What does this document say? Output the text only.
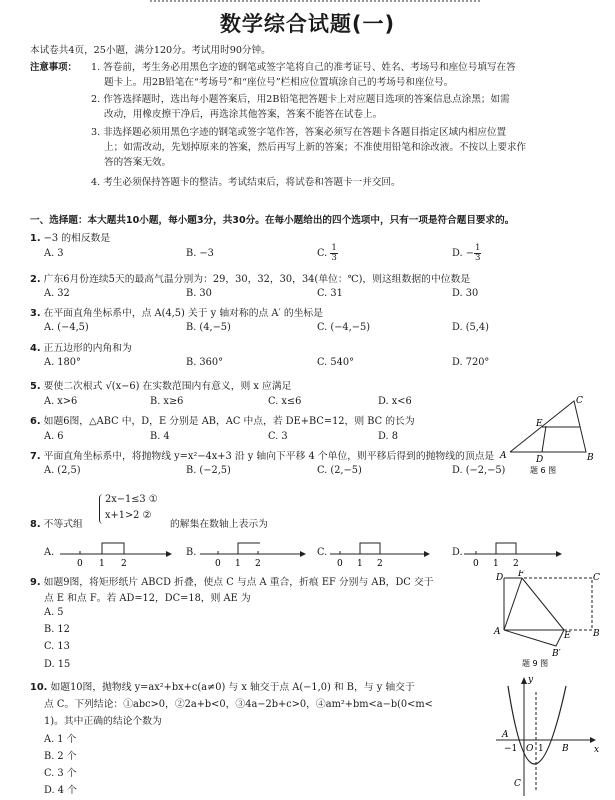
数学综合试题(一)
本试卷共4页，25小题，满分120分。考试用时90分钟。
注意事项： 1. 答卷前，考生务必用黑色字迹的钢笔或签字笔将自己的准考证号、姓名、考场号和座位号填写在答
题卡上。用2B铅笔在“考场号”和“座位号”栏相应位置填涂自己的考场号和座位号。
2. 作答选择题时，选出每小题答案后，用2B铅笔把答题卡上对应题目选项的答案信息点涂黑；如需
改动，用橡皮擦干净后，再选涂其他答案，答案不能答在试卷上。
3. 非选择题必须用黑色字迹的钢笔或签字笔作答，答案必须写在答题卡各题目指定区域内相应位置
上；如需改动，先划掉原来的答案，然后再写上新的答案；不准使用铅笔和涂改液。不按以上要求作
答的答案无效。
4. 考生必须保持答题卡的整洁。考试结束后，将试卷和答题卡一并交回。
一、选择题：本大题共10小题，每小题3分，共30分。在每小题给出的四个选项中，只有一项是符合题目要求的。
1. −3 的相反数是
A. 3	B. −3	C. $\frac{1}{3}$	D. − $\frac{1}{3}$
2. 广东6月份连续5天的最高气温分别为：29，30，32，30，34(单位：℃)，则这组数据的中位数是
A. 32	B. 30	C. 31	D. 30
3. 在平面直角坐标系中，点 A(4,5) 关于 y 轴对称的点 A′ 的坐标是
A. (−4,5)	B. (4,−5)	C. (−4,−5)	D. (5,4)
4. 正五边形的内角和为
A. 180°	B. 360°	C. 540°	D. 720°
5. 要使二次根式 √(x−6) 在实数范围内有意义，则 x 应满足
A. x>6	B. x≥6	C. x≤6	D. x<6
6. 如题6图，△ABC 中，D，E 分别是 AB，AC 中点，若 DE+BC=12，则 BC 的长为
A. 6	B. 4	C. 3	D. 8
A
C
B
E
D
题 6 图
7. 平面直角坐标系中，将抛物线 y=x²−4x+3 沿 y 轴向下平移 4 个单位，则平移后得到的抛物线的顶点是
A. (2,5)	B. (−2,5)	C. (2,−5)	D. (−2,−5)
8. 不等式组
2x−1≤3 ①
x+1>2 ②
的解集在数轴上表示为
A.
0 1 2
B.
0 1 2
C.
0 1 2
D.
0 1 2
9. 如题9图，将矩形纸片 ABCD 折叠，使点 C 与点 A 重合，折痕 EF 分别与 AB，DC 交于
点 E 和点 F。若 AD=12，DC=18，则 AE 为
A. 5
B. 12
C. 13
D. 15
D F	C
A	E B
B′
题 9 图
10. 如题10图，抛物线 y=ax²+bx+c(a≠0) 与 x 轴交于点 A(−1,0) 和 B，与 y 轴交于
点 C。下列结论：①abc>0，②2a+b<0，③4a−2b+c>0，④am²+bm<a−b(0<m<
1)。其中正确的结论个数为
A. 1 个
B. 2 个
C. 3 个
D. 4 个
y
x
O
A
−1 1 B
C
